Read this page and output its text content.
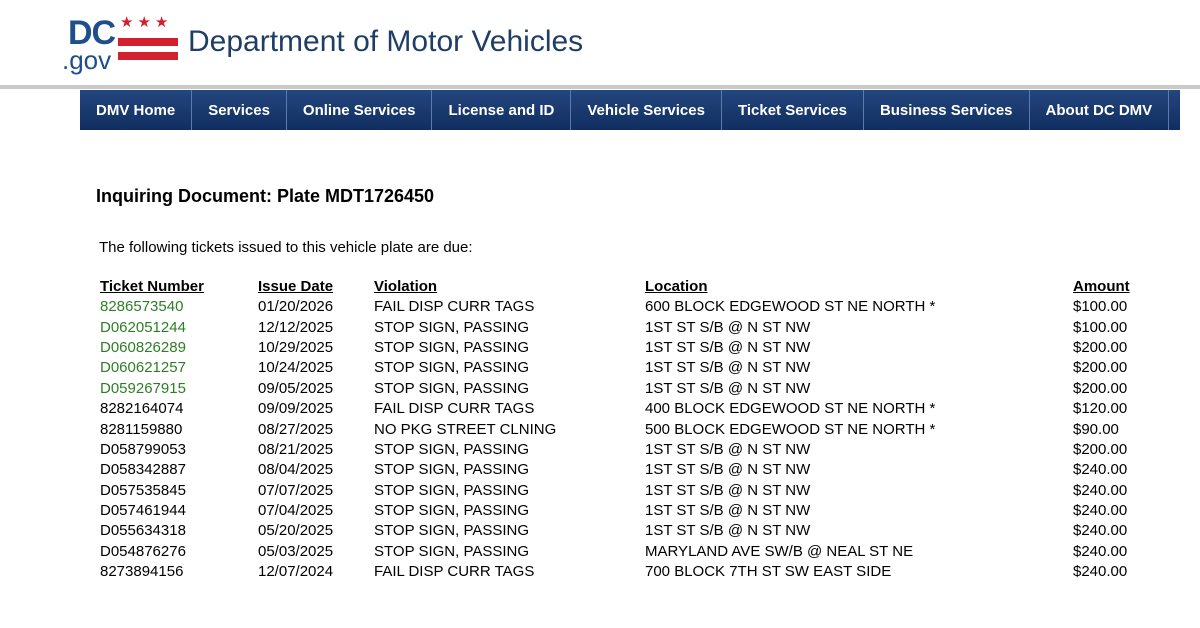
DC ★★★
.gov
Department of Motor Vehicles
DMV Home	Services	Online Services	License and ID	Vehicle Services	Ticket Services	Business Services	About DC DMV
Inquiring Document: Plate MDT1726450
The following tickets issued to this vehicle plate are due:
Ticket Number	Issue Date	Violation	Location	Amount
8286573540	01/20/2026	FAIL DISP CURR TAGS	600 BLOCK EDGEWOOD ST NE NORTH *	$100.00
D062051244	12/12/2025	STOP SIGN, PASSING	1ST ST S/B @ N ST NW	$100.00
D060826289	10/29/2025	STOP SIGN, PASSING	1ST ST S/B @ N ST NW	$200.00
D060621257	10/24/2025	STOP SIGN, PASSING	1ST ST S/B @ N ST NW	$200.00
D059267915	09/05/2025	STOP SIGN, PASSING	1ST ST S/B @ N ST NW	$200.00
8282164074	09/09/2025	FAIL DISP CURR TAGS	400 BLOCK EDGEWOOD ST NE NORTH *	$120.00
8281159880	08/27/2025	NO PKG STREET CLNING	500 BLOCK EDGEWOOD ST NE NORTH *	$90.00
D058799053	08/21/2025	STOP SIGN, PASSING	1ST ST S/B @ N ST NW	$200.00
D058342887	08/04/2025	STOP SIGN, PASSING	1ST ST S/B @ N ST NW	$240.00
D057535845	07/07/2025	STOP SIGN, PASSING	1ST ST S/B @ N ST NW	$240.00
D057461944	07/04/2025	STOP SIGN, PASSING	1ST ST S/B @ N ST NW	$240.00
D055634318	05/20/2025	STOP SIGN, PASSING	1ST ST S/B @ N ST NW	$240.00
D054876276	05/03/2025	STOP SIGN, PASSING	MARYLAND AVE SW/B @ NEAL ST NE	$240.00
8273894156	12/07/2024	FAIL DISP CURR TAGS	700 BLOCK 7TH ST SW EAST SIDE	$240.00
